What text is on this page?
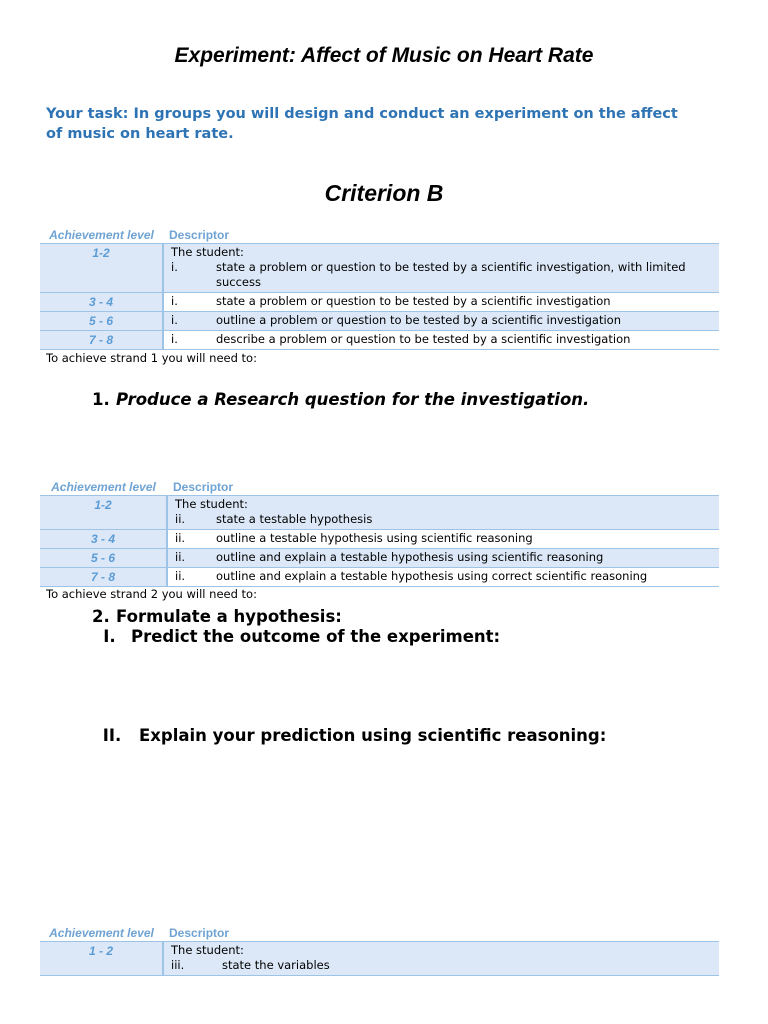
Experiment: Affect of Music on Heart Rate
Your task: In groups you will design and conduct an experiment on the affect of music on heart rate.
Criterion B
Achievement level	Descriptor
1-2	The student:
i. state a problem or question to be tested by a scientific investigation, with limited success

3 - 4	i. state a problem or question to be tested by a scientific investigation

5 - 6	i. outline a problem or question to be tested by a scientific investigation

7 - 8	i. describe a problem or question to be tested by a scientific investigation
To achieve strand 1 you will need to:
1. Produce a Research question for the investigation.
Achievement level	Descriptor
1-2	The student:
ii. state a testable hypothesis

3 - 4	ii. outline a testable hypothesis using scientific reasoning

5 - 6	ii. outline and explain a testable hypothesis using scientific reasoning

7 - 8	ii. outline and explain a testable hypothesis using correct scientific reasoning
To achieve strand 2 you will need to:
2. Formulate a hypothesis:
I. Predict the outcome of the experiment:
II. Explain your prediction using scientific reasoning:
Achievement level	Descriptor
1 - 2	The student:
iii. state the variables
